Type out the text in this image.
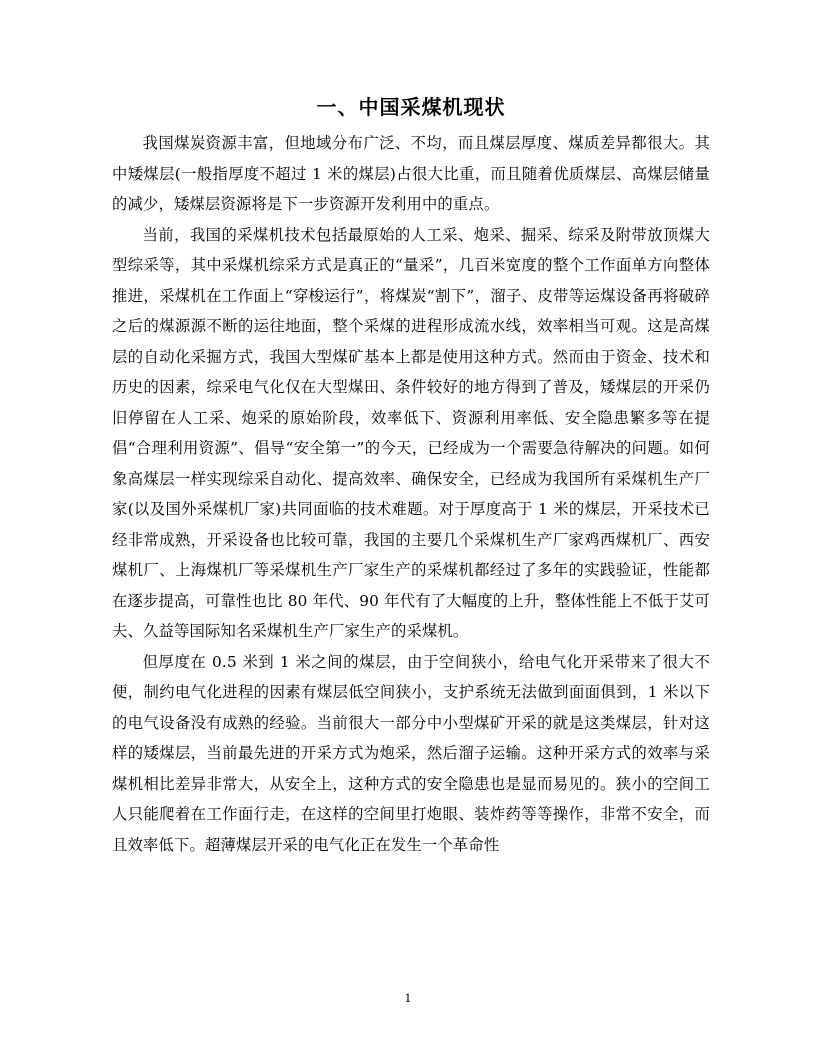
一、中国采煤机现状

我国煤炭资源丰富，但地域分布广泛、不均，而且煤层厚度、煤质差异都很大。其中矮煤层(一般指厚度不超过 1 米的煤层)占很大比重，而且随着优质煤层、高煤层储量的减少，矮煤层资源将是下一步资源开发利用中的重点。

当前，我国的采煤机技术包括最原始的人工采、炮采、掘采、综采及附带放顶煤大型综采等，其中采煤机综采方式是真正的“量采”，几百米宽度的整个工作面单方向整体推进，采煤机在工作面上“穿梭运行”，将煤炭“割下”，溜子、皮带等运煤设备再将破碎之后的煤源源不断的运往地面，整个采煤的进程形成流水线，效率相当可观。这是高煤层的自动化采掘方式，我国大型煤矿基本上都是使用这种方式。然而由于资金、技术和历史的因素，综采电气化仅在大型煤田、条件较好的地方得到了普及，矮煤层的开采仍旧停留在人工采、炮采的原始阶段，效率低下、资源利用率低、安全隐患繁多等在提倡“合理利用资源”、倡导“安全第一”的今天，已经成为一个需要急待解决的问题。如何象高煤层一样实现综采自动化、提高效率、确保安全，已经成为我国所有采煤机生产厂家(以及国外采煤机厂家)共同面临的技术难题。对于厚度高于 1 米的煤层，开采技术已经非常成熟，开采设备也比较可靠，我国的主要几个采煤机生产厂家鸡西煤机厂、西安煤机厂、上海煤机厂等采煤机生产厂家生产的采煤机都经过了多年的实践验证，性能都在逐步提高，可靠性也比 80 年代、90 年代有了大幅度的上升，整体性能上不低于艾可夫、久益等国际知名采煤机生产厂家生产的采煤机。

但厚度在 0.5 米到 1 米之间的煤层，由于空间狭小，给电气化开采带来了很大不便，制约电气化进程的因素有煤层低空间狭小，支护系统无法做到面面俱到，1 米以下的电气设备没有成熟的经验。当前很大一部分中小型煤矿开采的就是这类煤层，针对这样的矮煤层，当前最先进的开采方式为炮采，然后溜子运输。这种开采方式的效率与采煤机相比差异非常大，从安全上，这种方式的安全隐患也是显而易见的。狭小的空间工人只能爬着在工作面行走，在这样的空间里打炮眼、装炸药等等操作，非常不安全，而且效率低下。超薄煤层开采的电气化正在发生一个革命性

1
